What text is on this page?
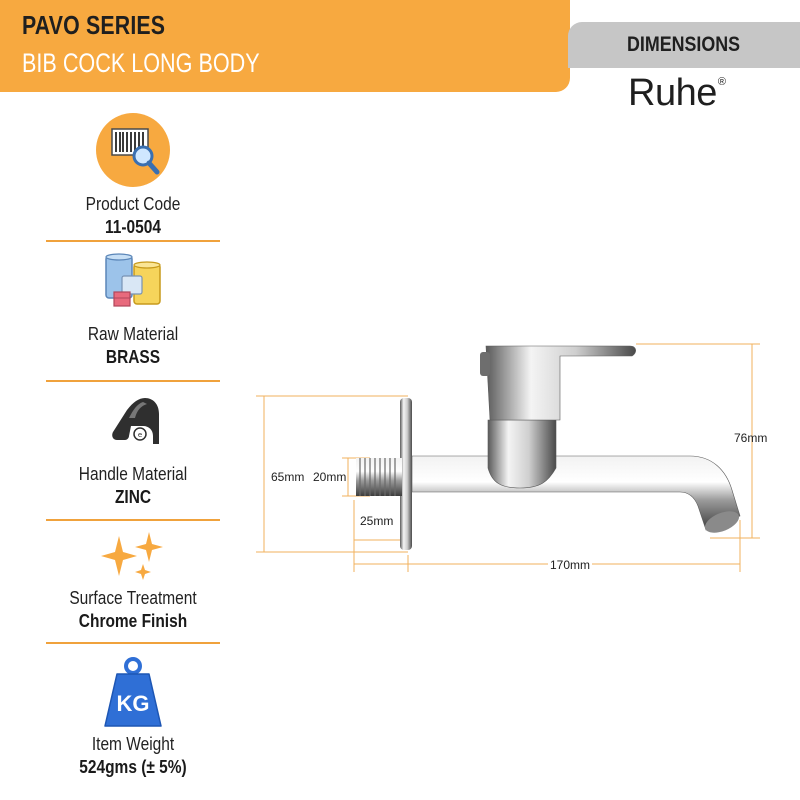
PAVO SERIES
BIB COCK LONG BODY
DIMENSIONS
Ruhe®
Product Code
11-0504
Raw Material
BRASS
e
Handle Material
ZINC
Surface Treatment
Chrome Finish
KG
Item Weight
524gms (± 5%)
65mm 20mm
25mm
76mm
170mm
